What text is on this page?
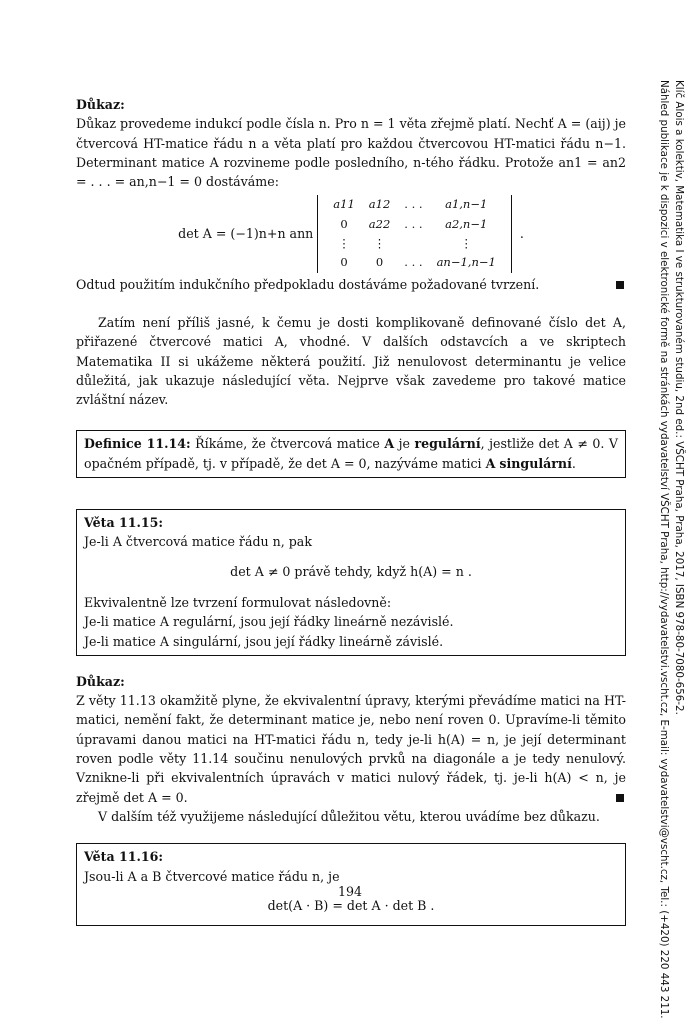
Klíč Alois a kolektiv, Matematika I ve strukturovaném studiu, 2nd ed.: VŠCHT Praha, Praha, 2017, ISBN 978-80-7080-656-2.
Náhled publikace je k dispozici v elektronické formě na stránkách vydavatelství VŠCHT Praha, http://vydavatelstvi.vscht.cz, E-mail: vydavatelstvi@vscht.cz, Tel.: (+420) 220 443 211.
Důkaz:

Důkaz provedeme indukcí podle čísla n. Pro n = 1 věta zřejmě platí. Nechť A = (aij) je čtvercová HT-matice řádu n a věta platí pro každou čtvercovou HT-matici řádu n−1. Determinant matice A rozvineme podle posledního, n-tého řádku. Protože an1 = an2 = . . . = an,n−1 = 0 dostáváme:

det A = (−1)n+n ann
a11	a12	. . .	a1,n−1
0	a22	. . .	a2,n−1
⋮	⋮		⋮
0	0	. . .	an−1,n−1
.

Odtud použitím indukčního předpokladu dostáváme požadované tvrzení.

Zatím není příliš jasné, k čemu je dosti komplikovaně definované číslo det A, přiřazené čtvercové matici A, vhodné. V dalších odstavcích a ve skriptech Matematika II si ukážeme některá použití. Již nenulovost determinantu je velice důležitá, jak ukazuje následující věta. Nejprve však zavedeme pro takové matice zvláštní název.

Definice 11.14: Říkáme, že čtvercová matice A je regulární, jestliže det A ≠ 0. V opačném případě, tj. v případě, že det A = 0, nazýváme matici A singulární.

Věta 11.15:
Je-li A čtvercová matice řádu n, pak
det A ≠ 0 právě tehdy, když h(A) = n .
Ekvivalentně lze tvrzení formulovat následovně:
Je-li matice A regulární, jsou její řádky lineárně nezávislé.
Je-li matice A singulární, jsou její řádky lineárně závislé.
Důkaz:

Z věty 11.13 okamžitě plyne, že ekvivalentní úpravy, kterými převádíme matici na HT-matici, nemění fakt, že determinant matice je, nebo není roven 0. Upravíme-li těmito úpravami danou matici na HT-matici řádu n, tedy je-li h(A) = n, je její determinant roven podle věty 11.14 součinu nenulových prvků na diagonále a je tedy nenulový. Vznikne-li při ekvivalentních úpravách v matici nulový řádek, tj. je-li h(A) < n, je zřejmě det A = 0.

V dalším též využijeme následující důležitou větu, kterou uvádíme bez důkazu.

Věta 11.16:
Jsou-li A a B čtvercové matice řádu n, je
det(A · B) = det A · det B .
194
